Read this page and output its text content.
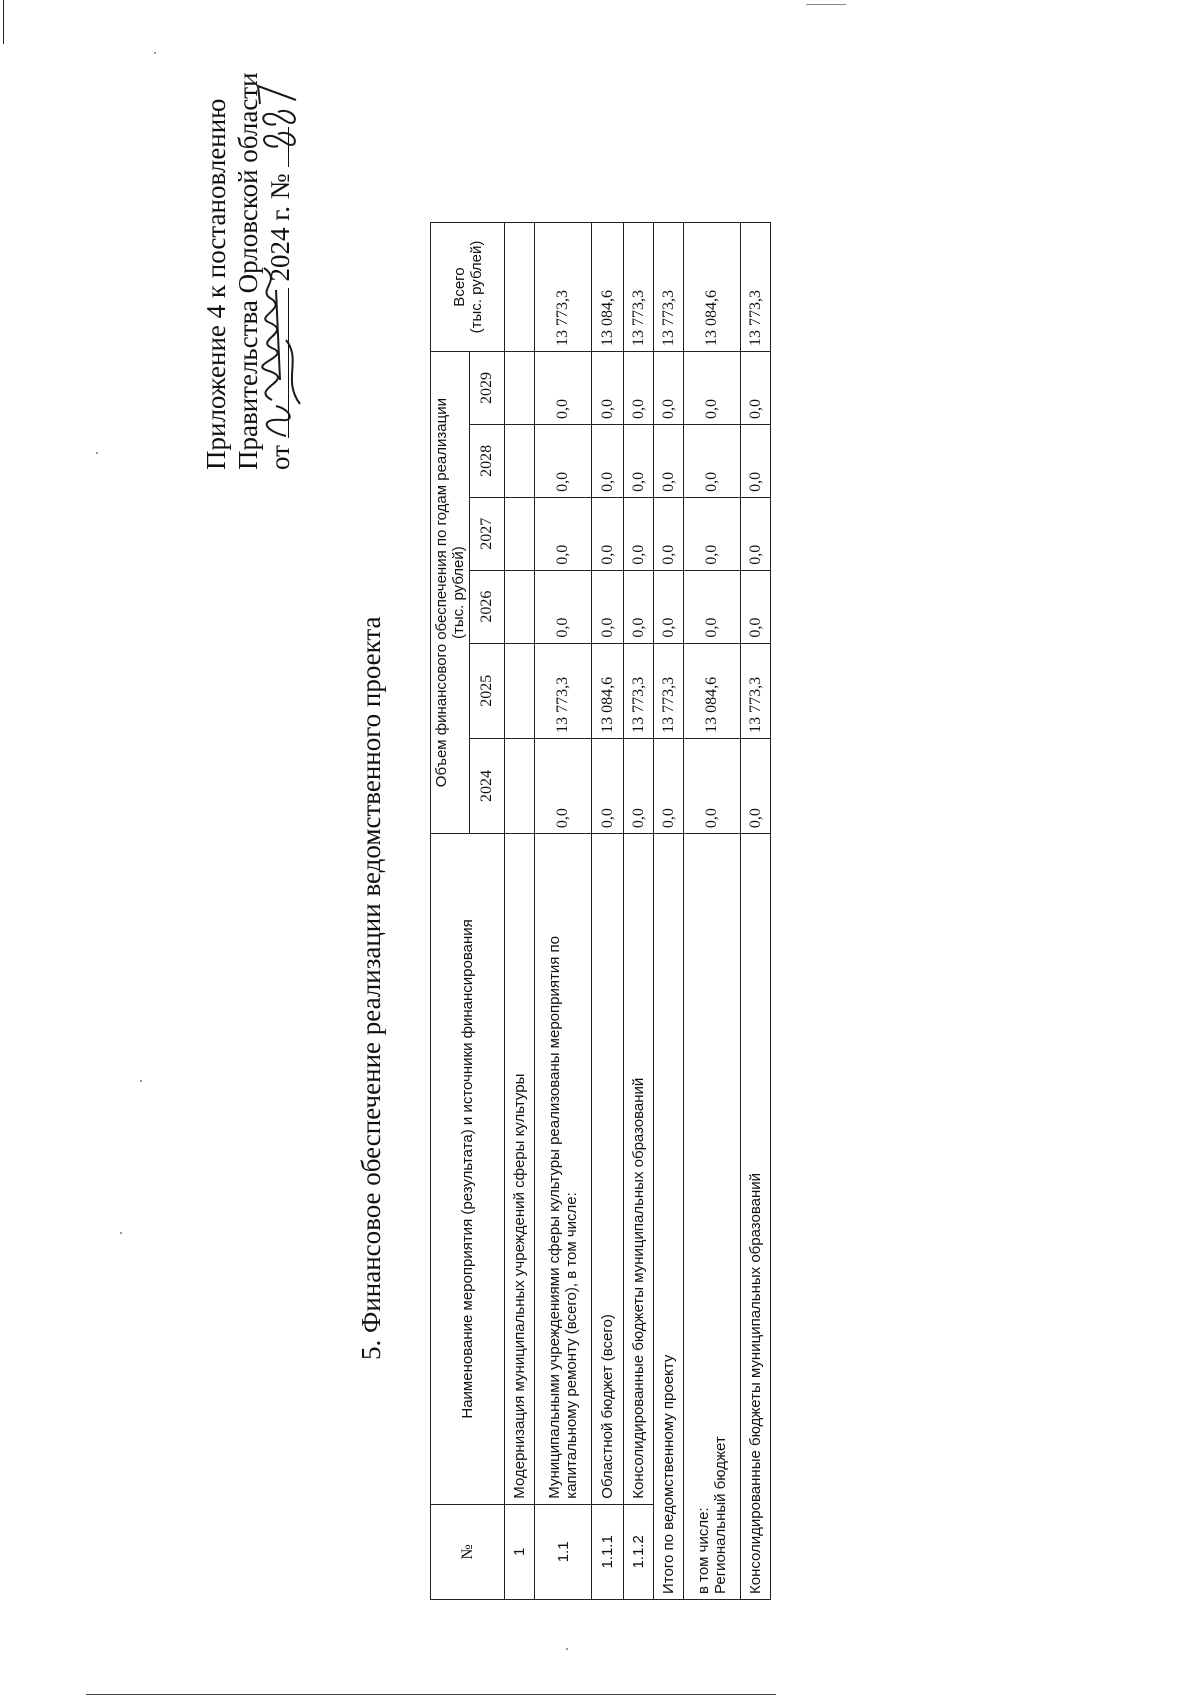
Приложение 4 к постановлению Правительства Орловской области от  2024 г. №
5. Финансовое обеспечение реализации ведомственного проекта
№	Наименование мероприятия (результата) и источники финансирования	Объем финансового обеспечения по годам реализации (тыс. рублей)						Всего (тыс. рублей)

		2024	2025	2026	2027	2028	2029	
1	Модернизация муниципальных учреждений сферы культуры							
1.1	Муниципальными учреждениями сферы культуры реализованы мероприятия по капитальному ремонту (всего), в том числе:	0,0	13 773,3	0,0	0,0	0,0	0,0	13 773,3
1.1.1	Областной бюджет (всего)	0,0	13 084,6	0,0	0,0	0,0	0,0	13 084,6
1.1.2	Консолидированные бюджеты муниципальных образований	0,0	13 773,3	0,0	0,0	0,0	0,0	13 773,3
Итого по ведомственному проекту		0,0	13 773,3	0,0	0,0	0,0	0,0	13 773,3

в том числе: Региональный бюджет		0,0	13 084,6	0,0	0,0	0,0	0,0	13 084,6
Консолидированные бюджеты муниципальных образований		0,0	13 773,3	0,0	0,0	0,0	0,0	13 773,3
